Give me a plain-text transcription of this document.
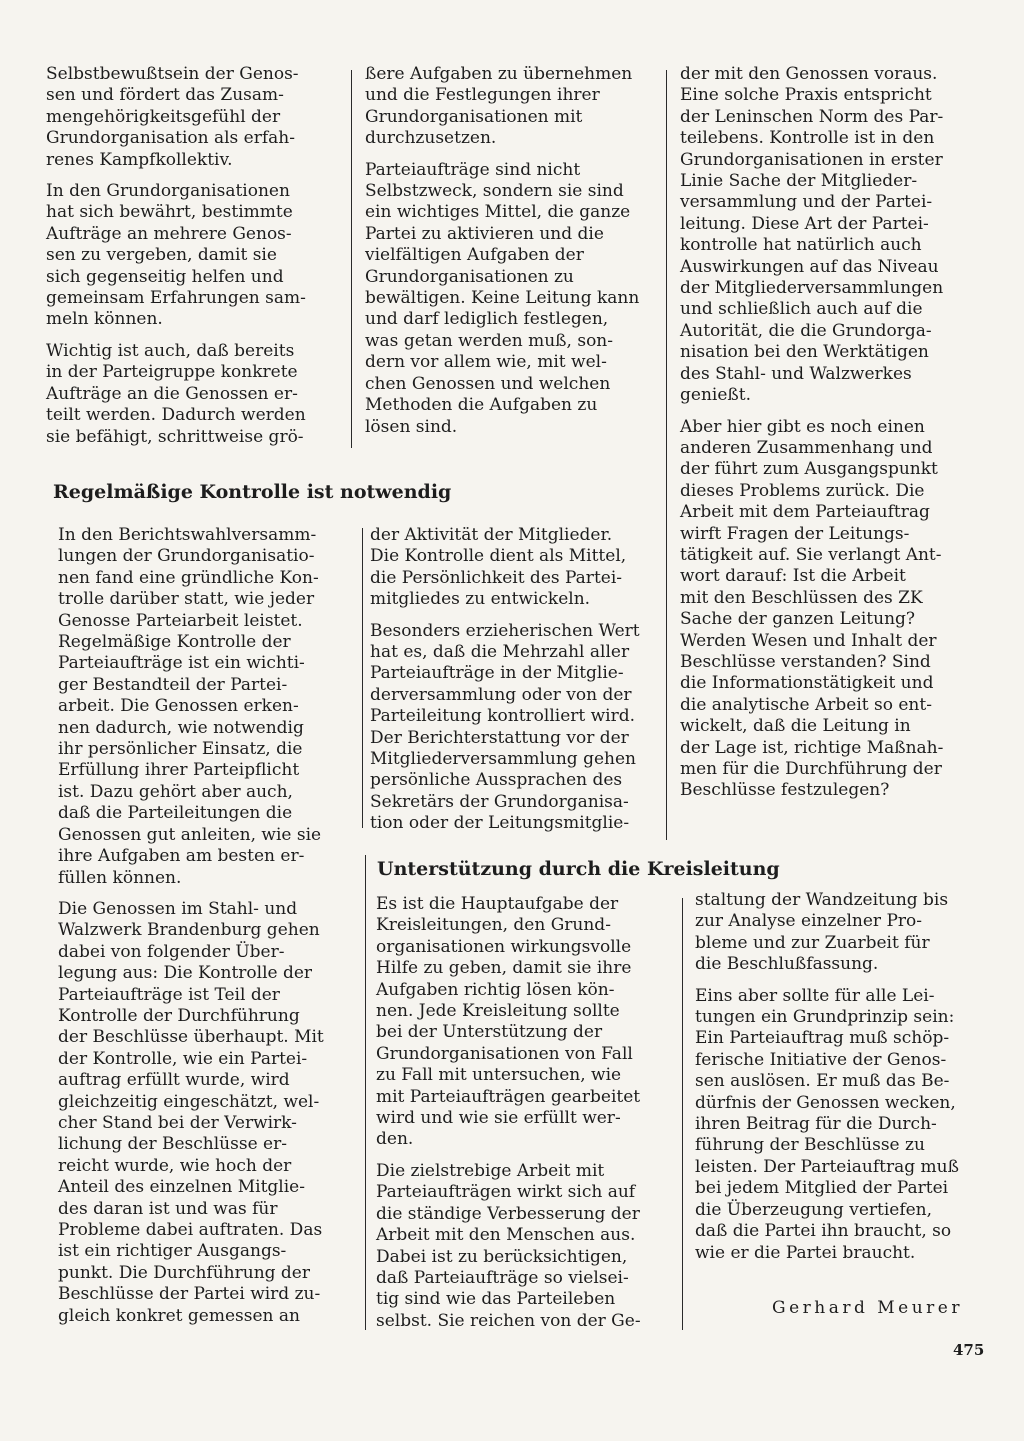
Selbstbewußtsein der Genos-
sen und fördert das Zusam-
mengehörigkeitsgefühl der
Grundorganisation als erfah-
renes Kampfkollektiv.

In den Grundorganisationen
hat sich bewährt, bestimmte
Aufträge an mehrere Genos-
sen zu vergeben, damit sie
sich gegenseitig helfen und
gemeinsam Erfahrungen sam-
meln können.

Wichtig ist auch, daß bereits
in der Parteigruppe konkrete
Aufträge an die Genossen er-
teilt werden. Dadurch werden
sie befähigt, schrittweise grö-

ßere Aufgaben zu übernehmen
und die Festlegungen ihrer
Grundorganisationen mit
durchzusetzen.

Parteiaufträge sind nicht
Selbstzweck, sondern sie sind
ein wichtiges Mittel, die ganze
Partei zu aktivieren und die
vielfältigen Aufgaben der
Grundorganisationen zu
bewältigen. Keine Leitung kann
und darf lediglich festlegen,
was getan werden muß, son-
dern vor allem wie, mit wel-
chen Genossen und welchen
Methoden die Aufgaben zu
lösen sind.

der mit den Genossen voraus.
Eine solche Praxis entspricht
der Leninschen Norm des Par-
teilebens. Kontrolle ist in den
Grundorganisationen in erster
Linie Sache der Mitglieder-
versammlung und der Partei-
leitung. Diese Art der Partei-
kontrolle hat natürlich auch
Auswirkungen auf das Niveau
der Mitgliederversammlungen
und schließlich auch auf die
Autorität, die die Grundorga-
nisation bei den Werktätigen
des Stahl- und Walzwerkes
genießt.

Aber hier gibt es noch einen
anderen Zusammenhang und
der führt zum Ausgangspunkt
dieses Problems zurück. Die
Arbeit mit dem Parteiauftrag
wirft Fragen der Leitungs-
tätigkeit auf. Sie verlangt Ant-
wort darauf: Ist die Arbeit
mit den Beschlüssen des ZK
Sache der ganzen Leitung?
Werden Wesen und Inhalt der
Beschlüsse verstanden? Sind
die Informationstätigkeit und
die analytische Arbeit so ent-
wickelt, daß die Leitung in
der Lage ist, richtige Maßnah-
men für die Durchführung der
Beschlüsse festzulegen?

Regelmäßige Kontrolle ist notwendig

In den Berichtswahlversamm-
lungen der Grundorganisatio-
nen fand eine gründliche Kon-
trolle darüber statt, wie jeder
Genosse Parteiarbeit leistet.
Regelmäßige Kontrolle der
Parteiaufträge ist ein wichti-
ger Bestandteil der Partei-
arbeit. Die Genossen erken-
nen dadurch, wie notwendig
ihr persönlicher Einsatz, die
Erfüllung ihrer Parteipflicht
ist. Dazu gehört aber auch,
daß die Parteileitungen die
Genossen gut anleiten, wie sie
ihre Aufgaben am besten er-
füllen können.

Die Genossen im Stahl- und
Walzwerk Brandenburg gehen
dabei von folgender Über-
legung aus: Die Kontrolle der
Parteiaufträge ist Teil der
Kontrolle der Durchführung
der Beschlüsse überhaupt. Mit
der Kontrolle, wie ein Partei-
auftrag erfüllt wurde, wird
gleichzeitig eingeschätzt, wel-
cher Stand bei der Verwirk-
lichung der Beschlüsse er-
reicht wurde, wie hoch der
Anteil des einzelnen Mitglie-
des daran ist und was für
Probleme dabei auftraten. Das
ist ein richtiger Ausgangs-
punkt. Die Durchführung der
Beschlüsse der Partei wird zu-
gleich konkret gemessen an

der Aktivität der Mitglieder.
Die Kontrolle dient als Mittel,
die Persönlichkeit des Partei-
mitgliedes zu entwickeln.

Besonders erzieherischen Wert
hat es, daß die Mehrzahl aller
Parteiaufträge in der Mitglie-
derversammlung oder von der
Parteileitung kontrolliert wird.
Der Berichterstattung vor der
Mitgliederversammlung gehen
persönliche Aussprachen des
Sekretärs der Grundorganisa-
tion oder der Leitungsmitglie-

Unterstützung durch die Kreisleitung

Es ist die Hauptaufgabe der
Kreisleitungen, den Grund-
organisationen wirkungsvolle
Hilfe zu geben, damit sie ihre
Aufgaben richtig lösen kön-
nen. Jede Kreisleitung sollte
bei der Unterstützung der
Grundorganisationen von Fall
zu Fall mit untersuchen, wie
mit Parteiaufträgen gearbeitet
wird und wie sie erfüllt wer-
den.

Die zielstrebige Arbeit mit
Parteiaufträgen wirkt sich auf
die ständige Verbesserung der
Arbeit mit den Menschen aus.
Dabei ist zu berücksichtigen,
daß Parteiaufträge so vielsei-
tig sind wie das Parteileben
selbst. Sie reichen von der Ge-

staltung der Wandzeitung bis
zur Analyse einzelner Pro-
bleme und zur Zuarbeit für
die Beschlußfassung.

Eins aber sollte für alle Lei-
tungen ein Grundprinzip sein:
Ein Parteiauftrag muß schöp-
ferische Initiative der Genos-
sen auslösen. Er muß das Be-
dürfnis der Genossen wecken,
ihren Beitrag für die Durch-
führung der Beschlüsse zu
leisten. Der Parteiauftrag muß
bei jedem Mitglied der Partei
die Überzeugung vertiefen,
daß die Partei ihn braucht, so
wie er die Partei braucht.

Gerhard Meurer
475
